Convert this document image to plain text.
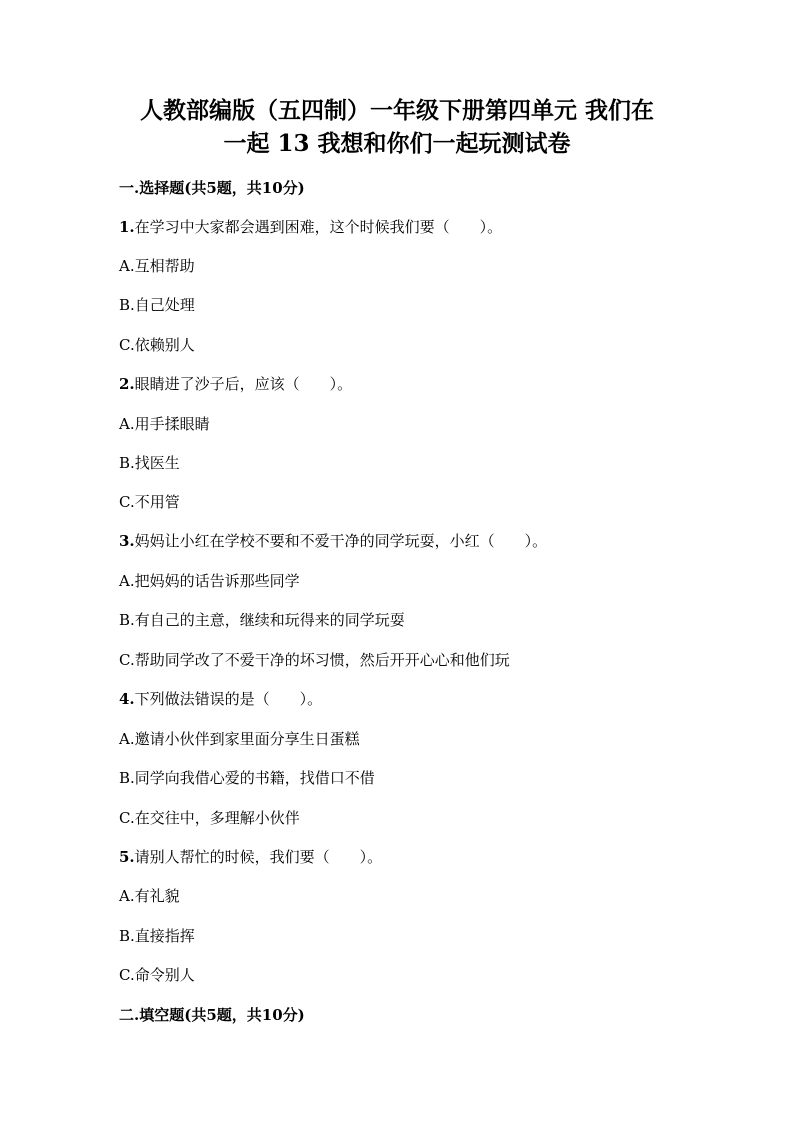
人教部编版（五四制）一年级下册第四单元 我们在
一起 13 我想和你们一起玩测试卷
一.选择题(共5题，共10分)
1.在学习中大家都会遇到困难，这个时候我们要（　　）。
A.互相帮助
B.自己处理
C.依赖别人
2.眼睛进了沙子后，应该（　　）。
A.用手揉眼睛
B.找医生
C.不用管
3.妈妈让小红在学校不要和不爱干净的同学玩耍，小红（　　）。
A.把妈妈的话告诉那些同学
B.有自己的主意，继续和玩得来的同学玩耍
C.帮助同学改了不爱干净的坏习惯，然后开开心心和他们玩
4.下列做法错误的是（　　）。
A.邀请小伙伴到家里面分享生日蛋糕
B.同学向我借心爱的书籍，找借口不借
C.在交往中，多理解小伙伴
5.请别人帮忙的时候，我们要（　　）。
A.有礼貌
B.直接指挥
C.命令别人
二.填空题(共5题，共10分)
